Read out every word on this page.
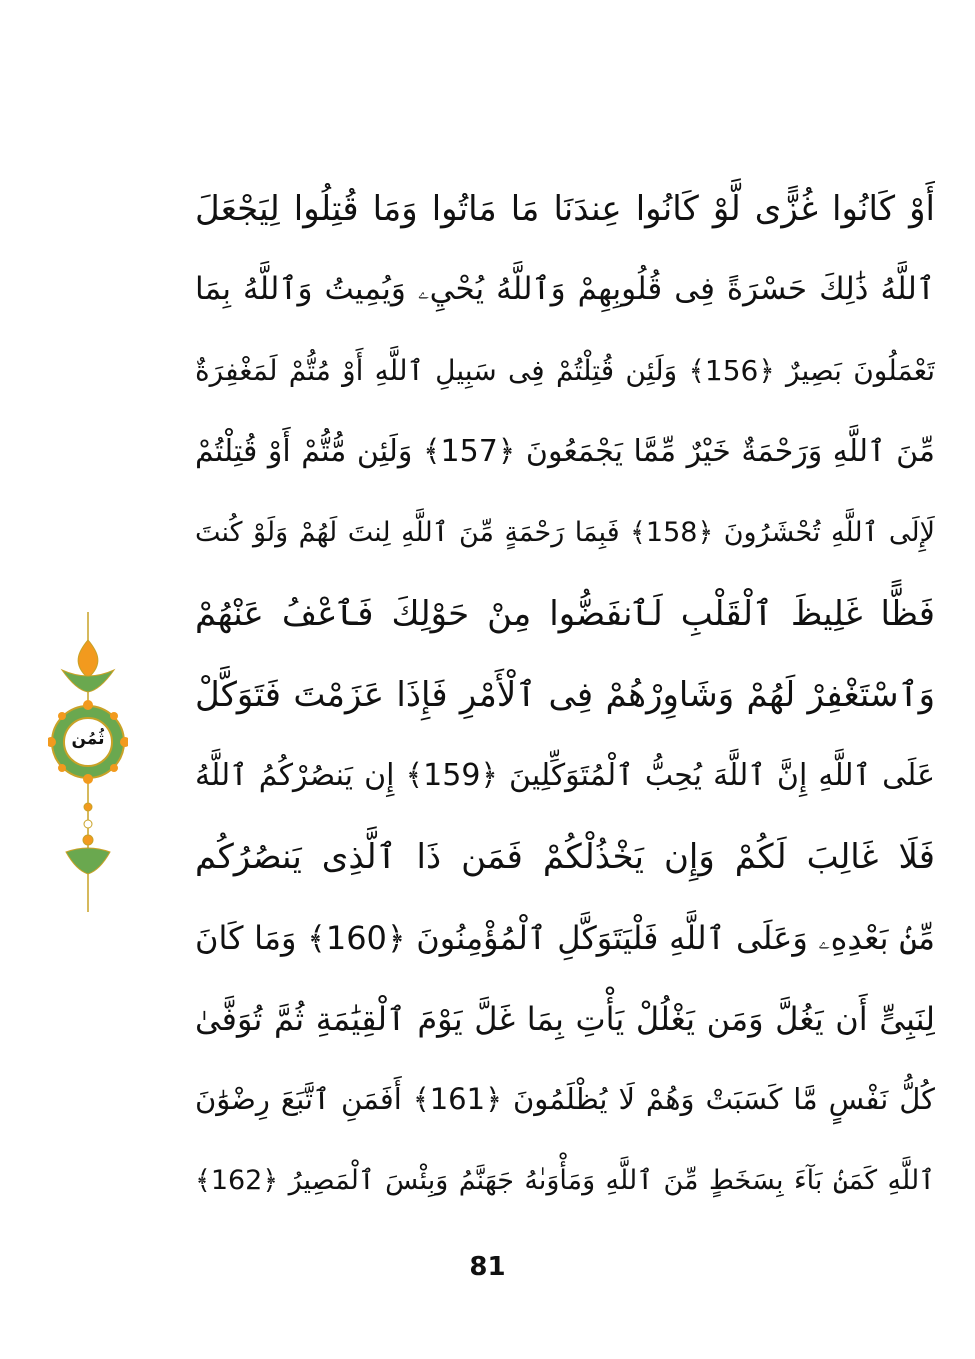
أَوْ كَانُوا غُزًّى لَّوْ كَانُوا عِندَنَا مَا مَاتُوا وَمَا قُتِلُوا لِيَجْعَلَ
ٱللَّهُ ذَٰلِكَ حَسْرَةً فِى قُلُوبِهِمْ وَٱللَّهُ يُحْيِۦ وَيُمِيتُ وَٱللَّهُ بِمَا
تَعْمَلُونَ بَصِيرٌ ﴿156﴾ وَلَئِن قُتِلْتُمْ فِى سَبِيلِ ٱللَّهِ أَوْ مُتُّمْ لَمَغْفِرَةٌ
مِّنَ ٱللَّهِ وَرَحْمَةٌ خَيْرٌ مِّمَّا يَجْمَعُونَ ﴿157﴾ وَلَئِن مُّتُّمْ أَوْ قُتِلْتُمْ
لَإِلَى ٱللَّهِ تُحْشَرُونَ ﴿158﴾ فَبِمَا رَحْمَةٍ مِّنَ ٱللَّهِ لِنتَ لَهُمْ وَلَوْ كُنتَ
فَظًّا غَلِيظَ ٱلْقَلْبِ لَٱنفَضُّوا مِنْ حَوْلِكَ فَٱعْفُ عَنْهُمْ
وَٱسْتَغْفِرْ لَهُمْ وَشَاوِرْهُمْ فِى ٱلْأَمْرِ فَإِذَا عَزَمْتَ فَتَوَكَّلْ
عَلَى ٱللَّهِ إِنَّ ٱللَّهَ يُحِبُّ ٱلْمُتَوَكِّلِينَ ﴿159﴾ إِن يَنصُرْكُمُ ٱللَّهُ
فَلَا غَالِبَ لَكُمْ وَإِن يَخْذُلْكُمْ فَمَن ذَا ٱلَّذِى يَنصُرُكُم
مِّنۢ بَعْدِهِۦ وَعَلَى ٱللَّهِ فَلْيَتَوَكَّلِ ٱلْمُؤْمِنُونَ ﴿160﴾ وَمَا كَانَ
لِنَبِىٍّ أَن يَغُلَّ وَمَن يَغْلُلْ يَأْتِ بِمَا غَلَّ يَوْمَ ٱلْقِيَٰمَةِ ثُمَّ تُوَفَّىٰ
كُلُّ نَفْسٍ مَّا كَسَبَتْ وَهُمْ لَا يُظْلَمُونَ ﴿161﴾ أَفَمَنِ ٱتَّبَعَ رِضْوَٰنَ
ٱللَّهِ كَمَنۢ بَآءَ بِسَخَطٍ مِّنَ ٱللَّهِ وَمَأْوَىٰهُ جَهَنَّمُ وَبِئْسَ ٱلْمَصِيرُ ﴿162﴾
ثُمُن
81
